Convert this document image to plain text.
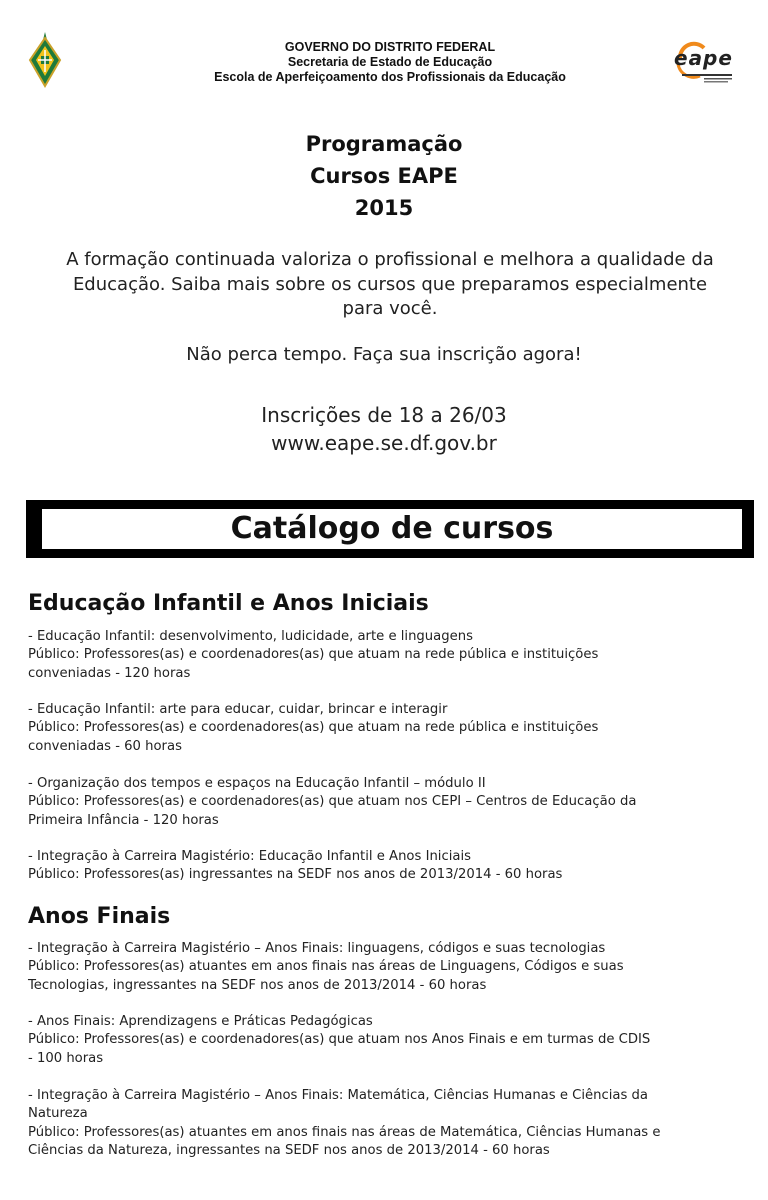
GOVERNO DO DISTRITO FEDERAL
Secretaria de Estado de Educação
Escola de Aperfeiçoamento dos Profissionais da Educação
eape
Programação
Cursos EAPE
2015
A formação continuada valoriza o profissional e melhora a qualidade da
Educação. Saiba mais sobre os cursos que preparamos especialmente
para você.
Não perca tempo. Faça sua inscrição agora!
Inscrições de 18 a 26/03
www.eape.se.df.gov.br
Catálogo de cursos
Educação Infantil e Anos Iniciais
- Educação Infantil: desenvolvimento, ludicidade, arte e linguagens
Público: Professores(as) e coordenadores(as) que atuam na rede pública e instituições
conveniadas - 120 horas
- Educação Infantil: arte para educar, cuidar, brincar e interagir
Público: Professores(as) e coordenadores(as) que atuam na rede pública e instituições
conveniadas - 60 horas
- Organização dos tempos e espaços na Educação Infantil – módulo II
Público: Professores(as) e coordenadores(as) que atuam nos CEPI – Centros de Educação da
Primeira Infância - 120 horas
- Integração à Carreira Magistério: Educação Infantil e Anos Iniciais
Público: Professores(as) ingressantes na SEDF nos anos de 2013/2014 - 60 horas
Anos Finais
- Integração à Carreira Magistério – Anos Finais: linguagens, códigos e suas tecnologias
Público: Professores(as) atuantes em anos finais nas áreas de Linguagens, Códigos e suas
Tecnologias, ingressantes na SEDF nos anos de 2013/2014 - 60 horas
- Anos Finais: Aprendizagens e Práticas Pedagógicas
Público: Professores(as) e coordenadores(as) que atuam nos Anos Finais e em turmas de CDIS
- 100 horas
- Integração à Carreira Magistério – Anos Finais: Matemática, Ciências Humanas e Ciências da
Natureza
Público: Professores(as) atuantes em anos finais nas áreas de Matemática, Ciências Humanas e
Ciências da Natureza, ingressantes na SEDF nos anos de 2013/2014 - 60 horas
